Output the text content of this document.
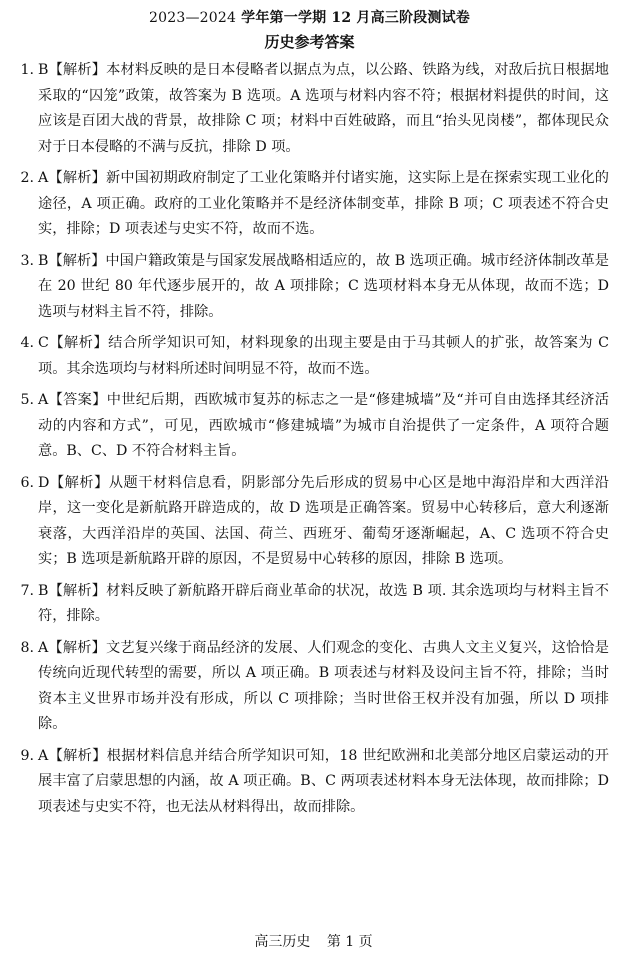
2023—2024 学年第一学期 12 月高三阶段测试卷
历史参考答案
1. B【解析】本材料反映的是日本侵略者以据点为点，以公路、铁路为线，对敌后抗日根据地采取的“囚笼”政策，故答案为 B 选项。A 选项与材料内容不符；根据材料提供的时间，这应该是百团大战的背景，故排除 C 项；材料中百姓破路，而且“抬头见岗楼”，都体现民众对于日本侵略的不满与反抗，排除 D 项。
2. A【解析】新中国初期政府制定了工业化策略并付诸实施，这实际上是在探索实现工业化的途径，A 项正确。政府的工业化策略并不是经济体制变革，排除 B 项；C 项表述不符合史实，排除；D 项表述与史实不符，故而不选。
3. B【解析】中国户籍政策是与国家发展战略相适应的，故 B 选项正确。城市经济体制改革是在 20 世纪 80 年代逐步展开的，故 A 项排除；C 选项材料本身无从体现，故而不选；D 选项与材料主旨不符，排除。
4. C【解析】结合所学知识可知，材料现象的出现主要是由于马其顿人的扩张，故答案为 C 项。其余选项均与材料所述时间明显不符，故而不选。
5. A【答案】中世纪后期，西欧城市复苏的标志之一是“修建城墙”及“并可自由选择其经济活动的内容和方式”，可见，西欧城市“修建城墙”为城市自治提供了一定条件，A 项符合题意。B、C、D 不符合材料主旨。
6. D【解析】从题干材料信息看，阴影部分先后形成的贸易中心区是地中海沿岸和大西洋沿岸，这一变化是新航路开辟造成的，故 D 选项是正确答案。贸易中心转移后，意大利逐渐衰落，大西洋沿岸的英国、法国、荷兰、西班牙、葡萄牙逐渐崛起，A、C 选项不符合史实；B 选项是新航路开辟的原因，不是贸易中心转移的原因，排除 B 选项。
7. B【解析】材料反映了新航路开辟后商业革命的状况，故选 B 项. 其余选项均与材料主旨不符，排除。
8. A【解析】文艺复兴缘于商品经济的发展、人们观念的变化、古典人文主义复兴，这恰恰是传统向近现代转型的需要，所以 A 项正确。B 项表述与材料及设问主旨不符，排除；当时资本主义世界市场并没有形成，所以 C 项排除；当时世俗王权并没有加强，所以 D 项排除。
9. A【解析】根据材料信息并结合所学知识可知，18 世纪欧洲和北美部分地区启蒙运动的开展丰富了启蒙思想的内涵，故 A 项正确。B、C 两项表述材料本身无法体现，故而排除；D 项表述与史实不符，也无法从材料得出，故而排除。
高三历史 第 1 页
